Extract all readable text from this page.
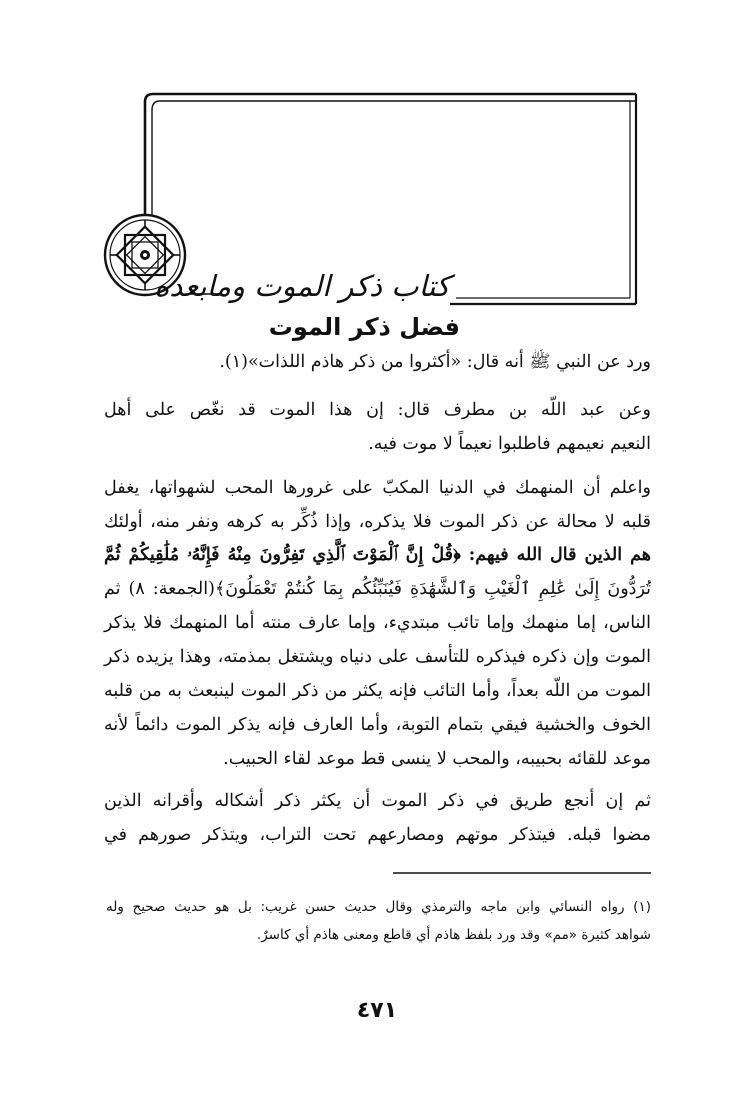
كتاب ذكر الموت ومابعده
فضل ذكر الموت
ورد عن النبي ﷺ أنه قال: «أكثروا من ذكر هاذم اللذات»(١).
وعن عبد اللّه بن مطرف قال: إن هذا الموت قد نغّص على أهل
النعيم نعيمهم فاطلبوا نعيماً لا موت فيه.
واعلم أن المنهمك في الدنيا المكبّ على غرورها المحب لشهواتها، يغفل
قلبه لا محالة عن ذكر الموت فلا يذكره، وإذا ذُكِّر به كرهه ونفر منه، أولئك
هم الذين قال الله فيهم: ﴿قُلْ إِنَّ ٱلْمَوْتَ ٱلَّذِي تَفِرُّونَ مِنْهُ فَإِنَّهُۥ مُلَٰقِيكُمْ ثُمَّ
تُرَدُّونَ إِلَىٰ عَٰلِمِ ٱلْغَيْبِ وَٱلشَّهَٰدَةِ فَيُنَبِّئُكُم بِمَا كُنتُمْ تَعْمَلُونَ﴾(الجمعة: ٨) ثم
الناس، إما منهمك وإما تائب مبتديء، وإما عارف منته أما المنهمك فلا يذكر
الموت وإن ذكره فيذكره للتأسف على دنياه ويشتغل بمذمته، وهذا يزيده ذكر
الموت من اللّه بعداً، وأما التائب فإنه يكثر من ذكر الموت لينبعث به من قلبه
الخوف والخشية فيقي بتمام التوبة، وأما العارف فإنه يذكر الموت دائماً لأنه
موعد للقائه بحبيبه، والمحب لا ينسى قط موعد لقاء الحبيب.
ثم إن أنجع طريق في ذكر الموت أن يكثر ذكر أشكاله وأقرانه الذين
مضوا قبله. فيتذكر موتهم ومصارعهم تحت التراب، ويتذكر صورهم في
(١) رواه النسائي وابن ماجه والترمذي وقال حديث حسن غريب: بل هو حديث صحيح وله
شواهد كثيرة «مم» وقد ورد بلفظ هاذم أي قاطع ومعنى هاذم أي كاسرٌ.
٤٧١
